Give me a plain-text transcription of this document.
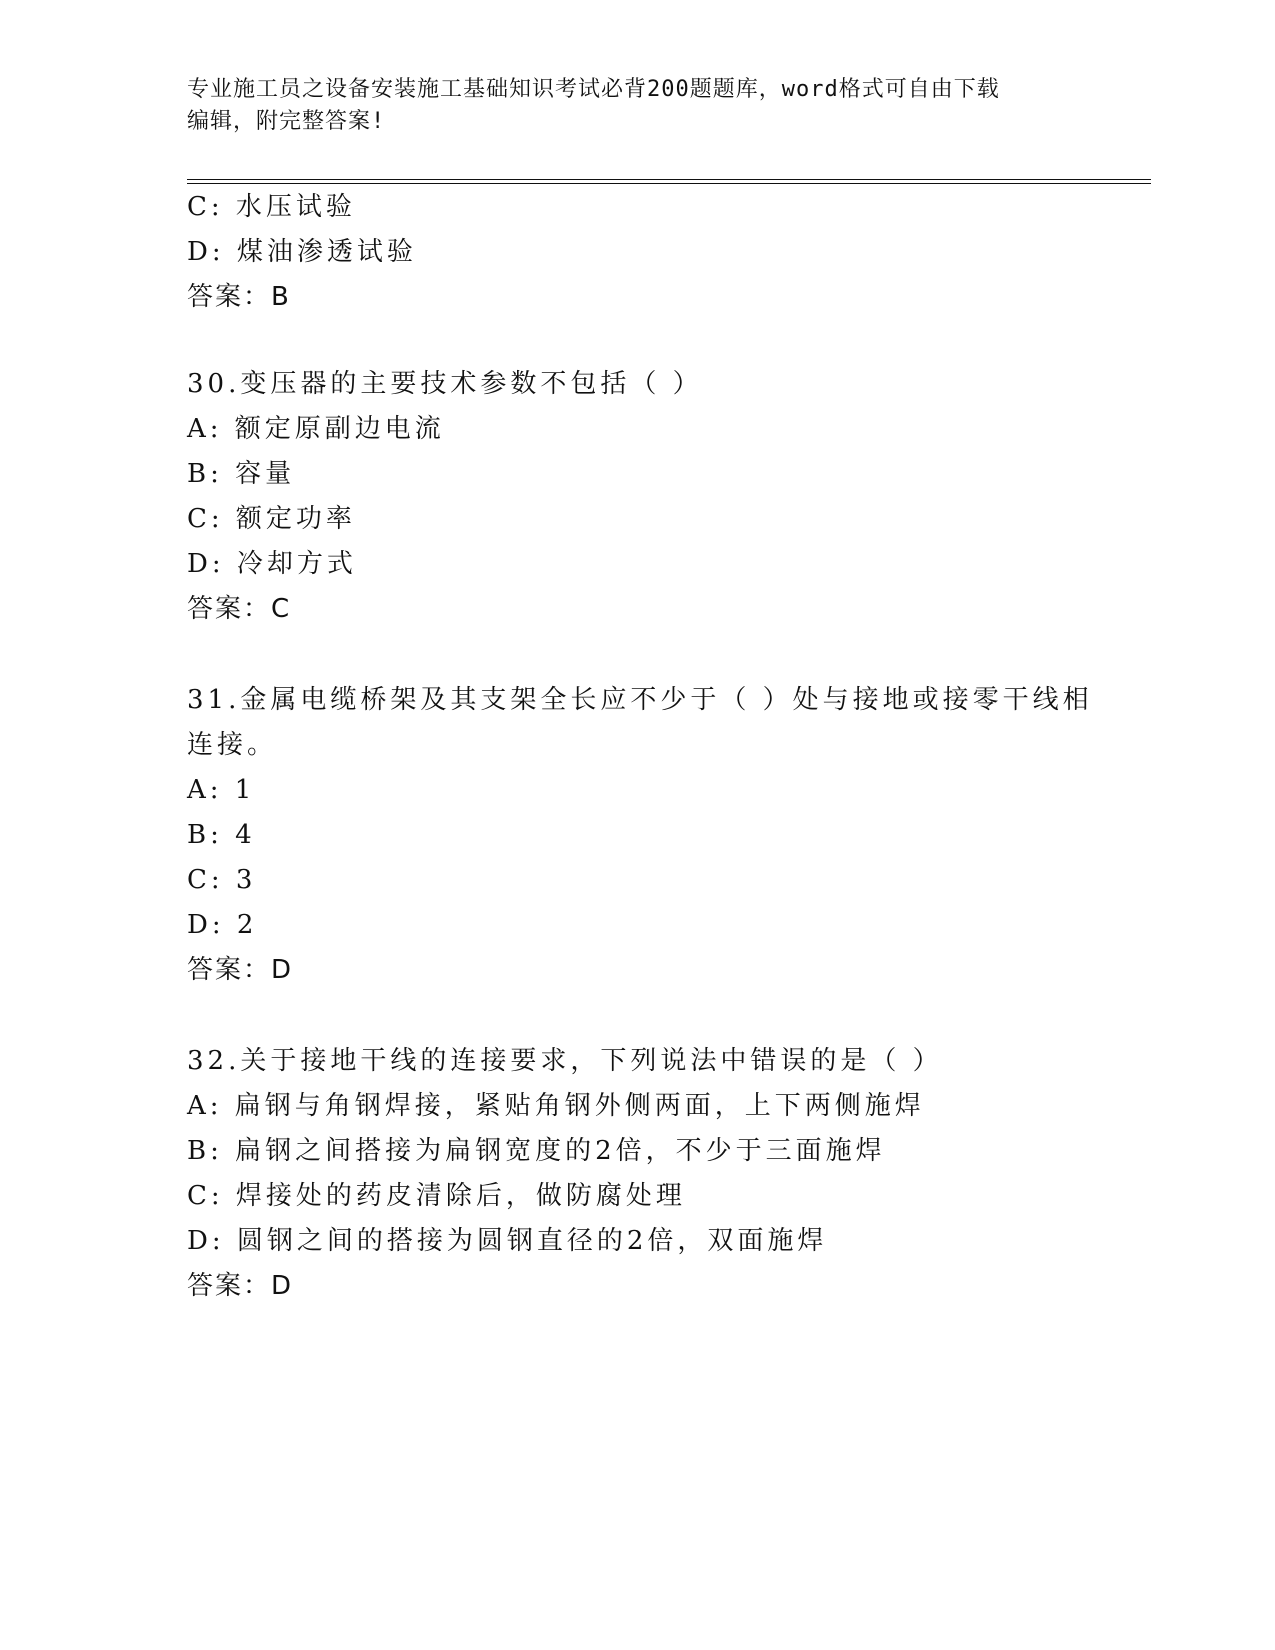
专业施工员之设备安装施工基础知识考试必背200题题库，word格式可自由下载
编辑，附完整答案!
C: 水压试验
D: 煤油渗透试验
答案：B
30.变压器的主要技术参数不包括（ ）
A: 额定原副边电流
B: 容量
C: 额定功率
D: 冷却方式
答案：C
31.金属电缆桥架及其支架全长应不少于（ ）处与接地或接零干线相
连接。
A: 1
B: 4
C: 3
D: 2
答案：D
32.关于接地干线的连接要求，下列说法中错误的是（ ）
A: 扁钢与角钢焊接，紧贴角钢外侧两面，上下两侧施焊
B: 扁钢之间搭接为扁钢宽度的2倍，不少于三面施焊
C: 焊接处的药皮清除后，做防腐处理
D: 圆钢之间的搭接为圆钢直径的2倍，双面施焊
答案：D
